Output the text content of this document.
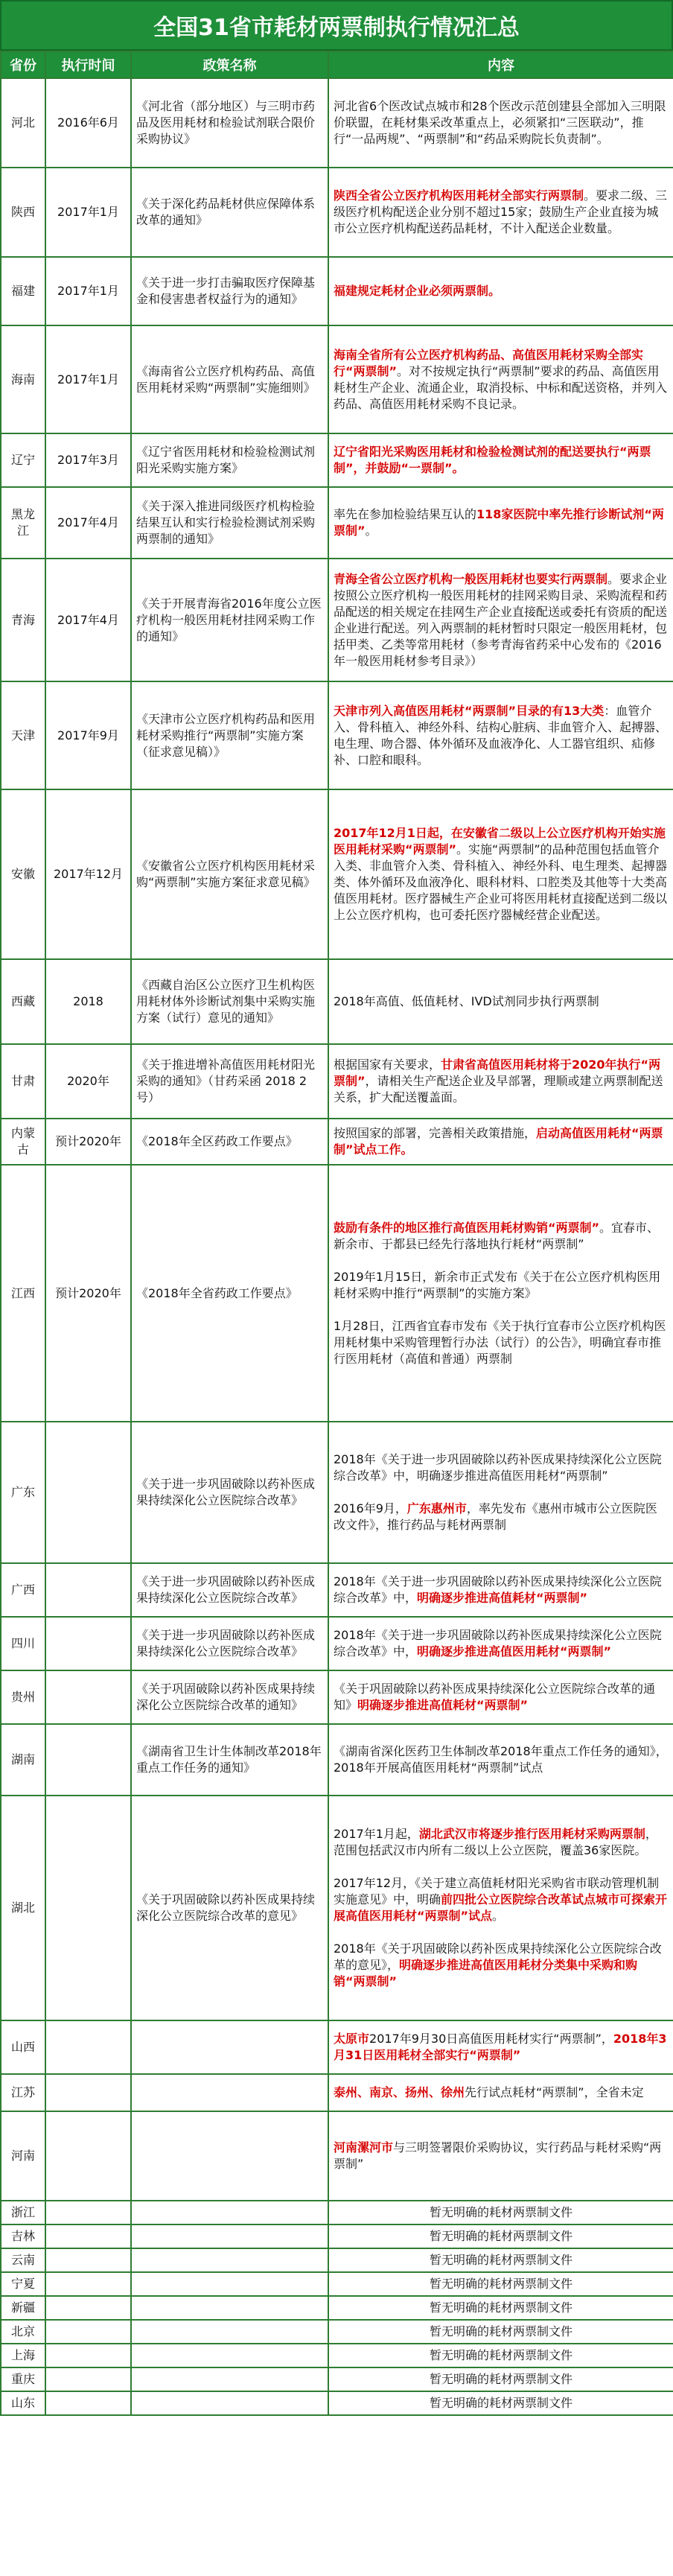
全国31省市耗材两票制执行情况汇总
省份	执行时间	政策名称	内容
河北	2016年6月	《河北省（部分地区）与三明市药品及医用耗材和检验试剂联合限价采购协议》	河北省6个医改试点城市和28个医改示范创建县全部加入三明限价联盟，在耗材集采改革重点上，必须紧扣“三医联动”，推行“一品两规”、“两票制”和“药品采购院长负责制”。
陕西	2017年1月	《关于深化药品耗材供应保障体系改革的通知》	陕西全省公立医疗机构医用耗材全部实行两票制。要求二级、三级医疗机构配送企业分别不超过15家；鼓励生产企业直接为城市公立医疗机构配送药品耗材，不计入配送企业数量。
福建	2017年1月	《关于进一步打击骗取医疗保障基金和侵害患者权益行为的通知》	福建规定耗材企业必须两票制。
海南	2017年1月	《海南省公立医疗机构药品、高值医用耗材采购“两票制”实施细则》	海南全省所有公立医疗机构药品、高值医用耗材采购全部实行“两票制”。对不按规定执行“两票制”要求的药品、高值医用耗材生产企业、流通企业，取消投标、中标和配送资格，并列入药品、高值医用耗材采购不良记录。
辽宁	2017年3月	《辽宁省医用耗材和检验检测试剂阳光采购实施方案》	辽宁省阳光采购医用耗材和检验检测试剂的配送要执行“两票制”，并鼓励“一票制”。
黑龙江	2017年4月	《关于深入推进同级医疗机构检验结果互认和实行检验检测试剂采购两票制的通知》	率先在参加检验结果互认的118家医院中率先推行诊断试剂“两票制”。
青海	2017年4月	《关于开展青海省2016年度公立医疗机构一般医用耗材挂网采购工作的通知》	青海全省公立医疗机构一般医用耗材也要实行两票制。要求企业按照公立医疗机构一般医用耗材的挂网采购目录、采购流程和药品配送的相关规定在挂网生产企业直接配送或委托有资质的配送企业进行配送。列入两票制的耗材暂时只限定一般医用耗材，包括甲类、乙类等常用耗材（参考青海省药采中心发布的《2016年一般医用耗材参考目录》）
天津	2017年9月	《天津市公立医疗机构药品和医用耗材采购推行“两票制”实施方案（征求意见稿）》	天津市列入高值医用耗材“两票制”目录的有13大类：血管介入、骨科植入、神经外科、结构心脏病、非血管介入、起搏器、电生理、吻合器、体外循环及血液净化、人工器官组织、疝修补、口腔和眼科。
安徽	2017年12月	《安徽省公立医疗机构医用耗材采购“两票制”实施方案征求意见稿》	2017年12月1日起，在安徽省二级以上公立医疗机构开始实施医用耗材采购“两票制”。实施“两票制”的品种范围包括血管介入类、非血管介入类、骨科植入、神经外科、电生理类、起搏器类、体外循环及血液净化、眼科材料、口腔类及其他等十大类高值医用耗材。医疗器械生产企业可将医用耗材直接配送到二级以上公立医疗机构，也可委托医疗器械经营企业配送。
西藏	2018	《西藏自治区公立医疗卫生机构医用耗材体外诊断试剂集中采购实施方案（试行）意见的通知》	2018年高值、低值耗材、IVD试剂同步执行两票制
甘肃	2020年	《关于推进增补高值医用耗材阳光采购的通知》（甘药采函 2018 2号）	根据国家有关要求，甘肃省高值医用耗材将于2020年执行“两票制”，请相关生产配送企业及早部署，理顺或建立两票制配送关系，扩大配送覆盖面。
内蒙古	预计2020年	《2018年全区药政工作要点》	按照国家的部署，完善相关政策措施，启动高值医用耗材“两票制”试点工作。
江西	预计2020年	《2018年全省药政工作要点》	鼓励有条件的地区推行高值医用耗材购销“两票制”。宜春市、新余市、于都县已经先行落地执行耗材“两票制”

2019年1月15日，新余市正式发布《关于在公立医疗机构医用耗材采购中推行“两票制”的实施方案》

1月28日，江西省宜春市发布《关于执行宜春市公立医疗机构医用耗材集中采购管理暂行办法（试行）的公告》，明确宜春市推行医用耗材（高值和普通）两票制
广东		《关于进一步巩固破除以药补医成果持续深化公立医院综合改革》	2018年《关于进一步巩固破除以药补医成果持续深化公立医院综合改革》中，明确逐步推进高值医用耗材“两票制”

2016年9月，广东惠州市，率先发布《惠州市城市公立医院医改文件》，推行药品与耗材两票制
广西		《关于进一步巩固破除以药补医成果持续深化公立医院综合改革》	2018年《关于进一步巩固破除以药补医成果持续深化公立医院综合改革》中，明确逐步推进高值耗材“两票制”
四川		《关于进一步巩固破除以药补医成果持续深化公立医院综合改革》	2018年《关于进一步巩固破除以药补医成果持续深化公立医院综合改革》中，明确逐步推进高值医用耗材“两票制”
贵州		《关于巩固破除以药补医成果持续深化公立医院综合改革的通知》	《关于巩固破除以药补医成果持续深化公立医院综合改革的通知》明确逐步推进高值耗材“两票制”
湖南		《湖南省卫生计生体制改革2018年重点工作任务的通知》	《湖南省深化医药卫生体制改革2018年重点工作任务的通知》，2018年开展高值医用耗材“两票制”试点
湖北		《关于巩固破除以药补医成果持续深化公立医院综合改革的意见》	2017年1月起，湖北武汉市将逐步推行医用耗材采购两票制，范围包括武汉市内所有二级以上公立医院，覆盖36家医院。

2017年12月，《关于建立高值耗材阳光采购省市联动管理机制实施意见》中，明确前四批公立医院综合改革试点城市可探索开展高值医用耗材“两票制”试点。

2018年《关于巩固破除以药补医成果持续深化公立医院综合改革的意见》，明确逐步推进高值医用耗材分类集中采购和购销“两票制”
山西			太原市2017年9月30日高值医用耗材实行“两票制”，2018年3月31日医用耗材全部实行“两票制”
江苏			泰州、南京、扬州、徐州先行试点耗材“两票制”，全省未定
河南			河南漯河市与三明签署限价采购协议，实行药品与耗材采购“两票制”
浙江			暂无明确的耗材两票制文件
吉林			暂无明确的耗材两票制文件
云南			暂无明确的耗材两票制文件
宁夏			暂无明确的耗材两票制文件
新疆			暂无明确的耗材两票制文件
北京			暂无明确的耗材两票制文件
上海			暂无明确的耗材两票制文件
重庆			暂无明确的耗材两票制文件
山东			暂无明确的耗材两票制文件
